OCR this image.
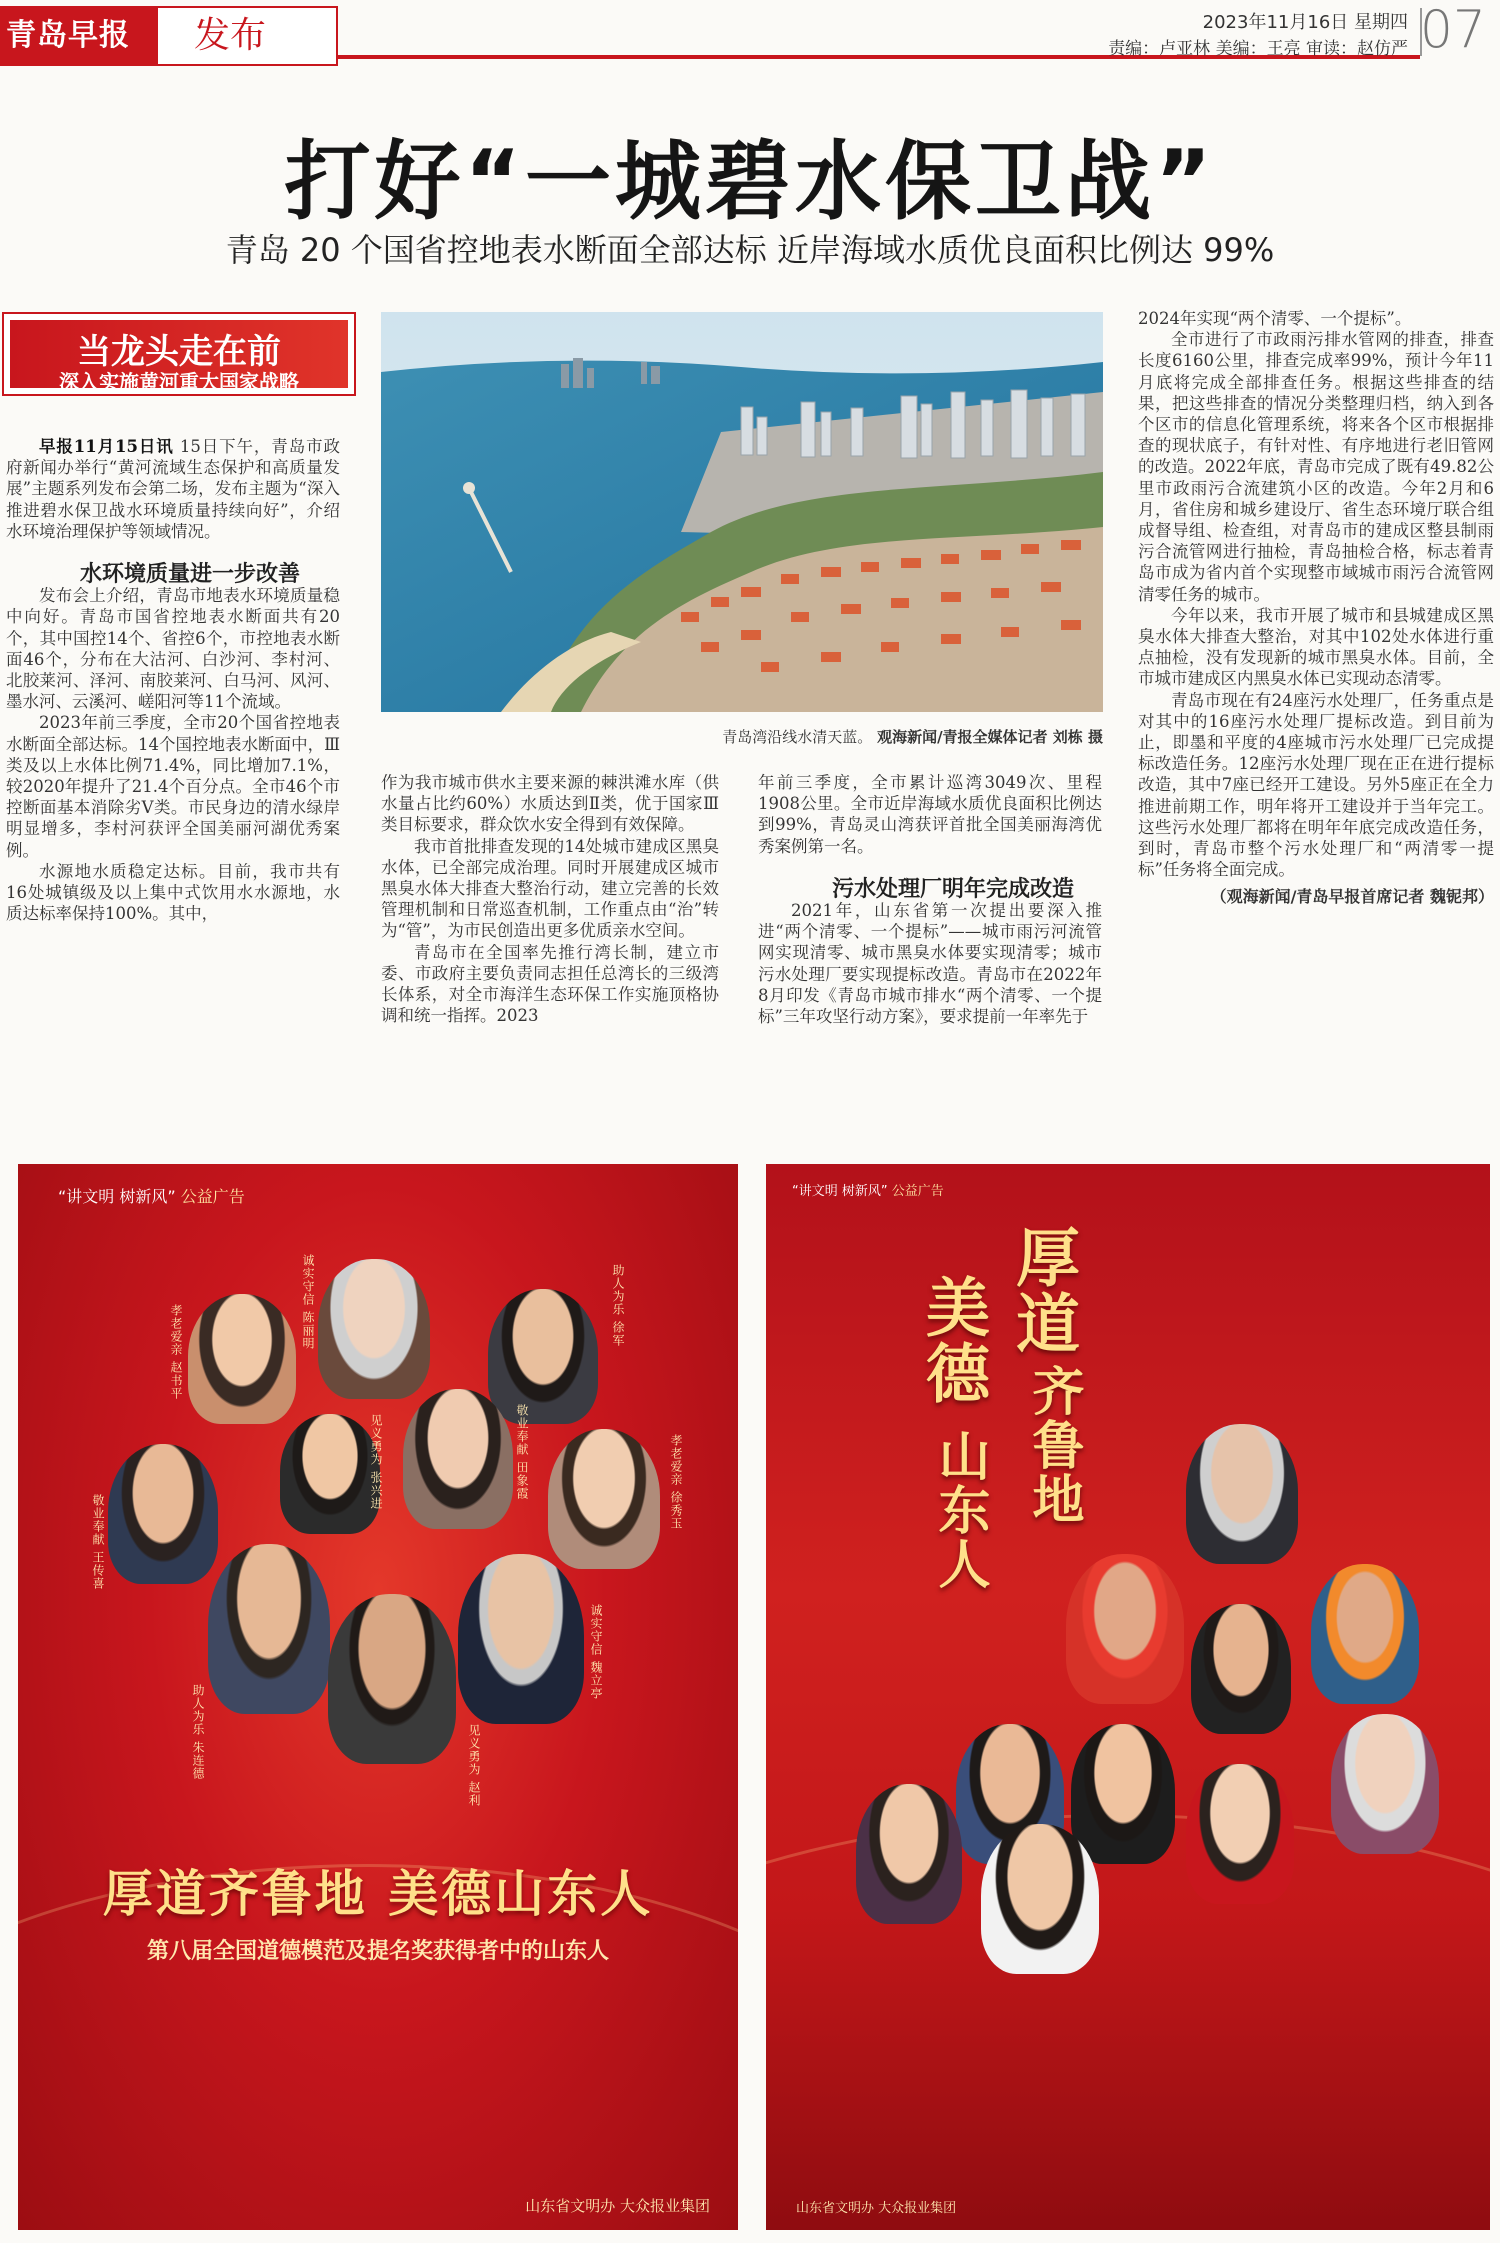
青岛早报	发布	2023年11月16日 星期四
责编：卢亚林 美编：王亮 审读：赵仿严 07
打好“一城碧水保卫战”
青岛 20 个国省控地表水断面全部达标 近岸海域水质优良面积比例达 99%
当龙头走在前
深入实施黄河重大国家战略
青岛湾沿线水清天蓝。 观海新闻/青报全媒体记者 刘栋 摄

早报11月15日讯 15日下午，青岛市政府新闻办举行“黄河流域生态保护和高质量发展”主题系列发布会第二场，发布主题为“深入推进碧水保卫战水环境质量持续向好”，介绍水环境治理保护等领域情况。

水环境质量进一步改善

发布会上介绍，青岛市地表水环境质量稳中向好。青岛市国省控地表水断面共有20个，其中国控14个、省控6个，市控地表水断面46个，分布在大沽河、白沙河、李村河、北胶莱河、泽河、南胶莱河、白马河、风河、墨水河、云溪河、嵯阳河等11个流域。

2023年前三季度，全市20个国省控地表水断面全部达标。14个国控地表水断面中，Ⅲ类及以上水体比例71.4%，同比增加7.1%，较2020年提升了21.4个百分点。全市46个市控断面基本消除劣Ⅴ类。市民身边的清水绿岸明显增多，李村河获评全国美丽河湖优秀案例。

水源地水质稳定达标。目前，我市共有16处城镇级及以上集中式饮用水水源地，水质达标率保持100%。其中，

作为我市城市供水主要来源的棘洪滩水库（供水量占比约60%）水质达到Ⅱ类，优于国家Ⅲ类目标要求，群众饮水安全得到有效保障。

我市首批排查发现的14处城市建成区黑臭水体，已全部完成治理。同时开展建成区城市黑臭水体大排查大整治行动，建立完善的长效管理机制和日常巡查机制，工作重点由“治”转为“管”，为市民创造出更多优质亲水空间。

青岛市在全国率先推行湾长制，建立市委、市政府主要负责同志担任总湾长的三级湾长体系，对全市海洋生态环保工作实施顶格协调和统一指挥。2023

年前三季度，全市累计巡湾3049次、里程1908公里。全市近岸海域水质优良面积比例达到99%，青岛灵山湾获评首批全国美丽海湾优秀案例第一名。

污水处理厂明年完成改造

2021年，山东省第一次提出要深入推进“两个清零、一个提标”——城市雨污河流管网实现清零、城市黑臭水体要实现清零；城市污水处理厂要实现提标改造。青岛市在2022年8月印发《青岛市城市排水“两个清零、一个提标”三年攻坚行动方案》，要求提前一年率先于

2024年实现“两个清零、一个提标”。

全市进行了市政雨污排水管网的排查，排查长度6160公里，排查完成率99%，预计今年11月底将完成全部排查任务。根据这些排查的结果，把这些排查的情况分类整理归档，纳入到各个区市的信息化管理系统，将来各个区市根据排查的现状底子，有针对性、有序地进行老旧管网的改造。2022年底，青岛市完成了既有49.82公里市政雨污合流建筑小区的改造。今年2月和6月，省住房和城乡建设厅、省生态环境厅联合组成督导组、检查组，对青岛市的建成区整县制雨污合流管网进行抽检，青岛抽检合格，标志着青岛市成为省内首个实现整市域城市雨污合流管网清零任务的城市。

今年以来，我市开展了城市和县城建成区黑臭水体大排查大整治，对其中102处水体进行重点抽检，没有发现新的城市黑臭水体。目前，全市城市建成区内黑臭水体已实现动态清零。

青岛市现在有24座污水处理厂，任务重点是对其中的16座污水处理厂提标改造。到目前为止，即墨和平度的4座城市污水处理厂已完成提标改造任务。12座污水处理厂现在正在进行提标改造，其中7座已经开工建设。另外5座正在全力推进前期工作，明年将开工建设并于当年完工。这些污水处理厂都将在明年年底完成改造任务，到时，青岛市整个污水处理厂和“两清零一提标”任务将全面完成。

（观海新闻/青岛早报首席记者 魏铌邦）

“讲文明 树新风” 公益广告
孝老爱亲 赵书平
诚实守信 陈丽明	助人为乐 徐军
见义勇为 张兴进	敬业奉献 田象霞	孝老爱亲 徐秀玉
敬业奉献 王传喜
助人为乐 朱连德
诚实守信 魏立亭
见义勇为 赵利
厚道齐鲁地 美德山东人
第八届全国道德模范及提名奖获得者中的山东人
山东省文明办 大众报业集团
“讲文明 树新风” 公益广告
厚道
齐鲁地
美德
山东人
山东省文明办 大众报业集团
